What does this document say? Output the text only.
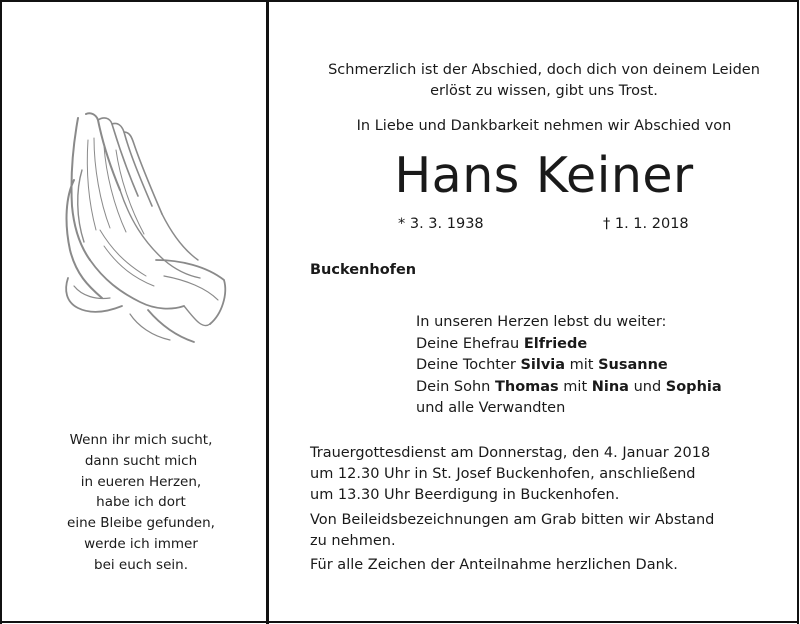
Wenn ihr mich sucht,
dann sucht mich
in eueren Herzen,
habe ich dort
eine Bleibe gefunden,
werde ich immer
bei euch sein.
Schmerzlich ist der Abschied, doch dich von deinem Leiden
erlöst zu wissen, gibt uns Trost.
In Liebe und Dankbarkeit nehmen wir Abschied von
Hans Keiner
* 3. 3. 1938	† 1. 1. 2018
Buckenhofen
In unseren Herzen lebst du weiter:
Deine Ehefrau Elfriede
Deine Tochter Silvia mit Susanne
Dein Sohn Thomas mit Nina und Sophia
und alle Verwandten
Trauergottesdienst am Donnerstag, den 4. Januar 2018
um 12.30 Uhr in St. Josef Buckenhofen, anschließend
um 13.30 Uhr Beerdigung in Buckenhofen.
Von Beileidsbezeichnungen am Grab bitten wir Abstand
zu nehmen.
Für alle Zeichen der Anteilnahme herzlichen Dank.
